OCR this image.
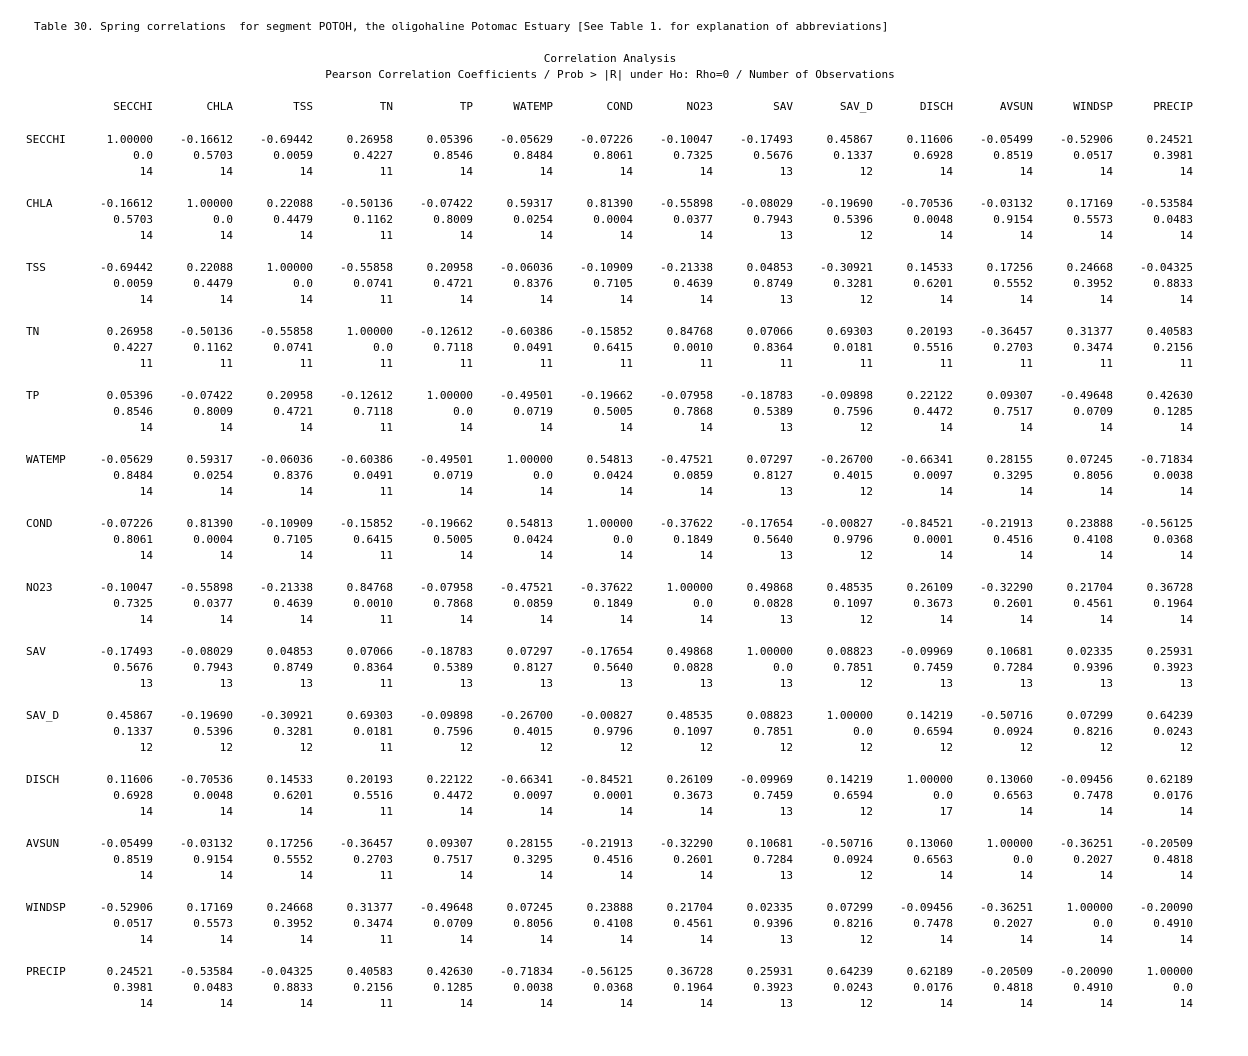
Table 30. Spring correlations  for segment POTOH, the oligohaline Potomac Estuary [See Table 1. for explanation of abbreviations]
Correlation Analysis
Pearson Correlation Coefficients / Prob > |R| under Ho: Rho=0 / Number of Observations
SECCHI	CHLA	TSS	TN	TP	WATEMP	COND	NO23	SAV	SAV_D	DISCH	AVSUN	WINDSP	PRECIP
SECCHI	1.00000	-0.16612	-0.69442	0.26958	0.05396	-0.05629	-0.07226	-0.10047	-0.17493	0.45867	0.11606	-0.05499	-0.52906	0.24521
0.0	0.5703	0.0059	0.4227	0.8546	0.8484	0.8061	0.7325	0.5676	0.1337	0.6928	0.8519	0.0517	0.3981
14	14	14	11	14	14	14	14	13	12	14	14	14	14
CHLA	-0.16612	1.00000	0.22088	-0.50136	-0.07422	0.59317	0.81390	-0.55898	-0.08029	-0.19690	-0.70536	-0.03132	0.17169	-0.53584
0.5703	0.0	0.4479	0.1162	0.8009	0.0254	0.0004	0.0377	0.7943	0.5396	0.0048	0.9154	0.5573	0.0483
14	14	14	11	14	14	14	14	13	12	14	14	14	14
TSS	-0.69442	0.22088	1.00000	-0.55858	0.20958	-0.06036	-0.10909	-0.21338	0.04853	-0.30921	0.14533	0.17256	0.24668	-0.04325
0.0059	0.4479	0.0	0.0741	0.4721	0.8376	0.7105	0.4639	0.8749	0.3281	0.6201	0.5552	0.3952	0.8833
14	14	14	11	14	14	14	14	13	12	14	14	14	14
TN	0.26958	-0.50136	-0.55858	1.00000	-0.12612	-0.60386	-0.15852	0.84768	0.07066	0.69303	0.20193	-0.36457	0.31377	0.40583
0.4227	0.1162	0.0741	0.0	0.7118	0.0491	0.6415	0.0010	0.8364	0.0181	0.5516	0.2703	0.3474	0.2156
11	11	11	11	11	11	11	11	11	11	11	11	11	11
TP	0.05396	-0.07422	0.20958	-0.12612	1.00000	-0.49501	-0.19662	-0.07958	-0.18783	-0.09898	0.22122	0.09307	-0.49648	0.42630
0.8546	0.8009	0.4721	0.7118	0.0	0.0719	0.5005	0.7868	0.5389	0.7596	0.4472	0.7517	0.0709	0.1285
14	14	14	11	14	14	14	14	13	12	14	14	14	14
WATEMP	-0.05629	0.59317	-0.06036	-0.60386	-0.49501	1.00000	0.54813	-0.47521	0.07297	-0.26700	-0.66341	0.28155	0.07245	-0.71834
0.8484	0.0254	0.8376	0.0491	0.0719	0.0	0.0424	0.0859	0.8127	0.4015	0.0097	0.3295	0.8056	0.0038
14	14	14	11	14	14	14	14	13	12	14	14	14	14
COND	-0.07226	0.81390	-0.10909	-0.15852	-0.19662	0.54813	1.00000	-0.37622	-0.17654	-0.00827	-0.84521	-0.21913	0.23888	-0.56125
0.8061	0.0004	0.7105	0.6415	0.5005	0.0424	0.0	0.1849	0.5640	0.9796	0.0001	0.4516	0.4108	0.0368
14	14	14	11	14	14	14	14	13	12	14	14	14	14
NO23	-0.10047	-0.55898	-0.21338	0.84768	-0.07958	-0.47521	-0.37622	1.00000	0.49868	0.48535	0.26109	-0.32290	0.21704	0.36728
0.7325	0.0377	0.4639	0.0010	0.7868	0.0859	0.1849	0.0	0.0828	0.1097	0.3673	0.2601	0.4561	0.1964
14	14	14	11	14	14	14	14	13	12	14	14	14	14
SAV	-0.17493	-0.08029	0.04853	0.07066	-0.18783	0.07297	-0.17654	0.49868	1.00000	0.08823	-0.09969	0.10681	0.02335	0.25931
0.5676	0.7943	0.8749	0.8364	0.5389	0.8127	0.5640	0.0828	0.0	0.7851	0.7459	0.7284	0.9396	0.3923
13	13	13	11	13	13	13	13	13	12	13	13	13	13
SAV_D	0.45867	-0.19690	-0.30921	0.69303	-0.09898	-0.26700	-0.00827	0.48535	0.08823	1.00000	0.14219	-0.50716	0.07299	0.64239
0.1337	0.5396	0.3281	0.0181	0.7596	0.4015	0.9796	0.1097	0.7851	0.0	0.6594	0.0924	0.8216	0.0243
12	12	12	11	12	12	12	12	12	12	12	12	12	12
DISCH	0.11606	-0.70536	0.14533	0.20193	0.22122	-0.66341	-0.84521	0.26109	-0.09969	0.14219	1.00000	0.13060	-0.09456	0.62189
0.6928	0.0048	0.6201	0.5516	0.4472	0.0097	0.0001	0.3673	0.7459	0.6594	0.0	0.6563	0.7478	0.0176
14	14	14	11	14	14	14	14	13	12	17	14	14	14
AVSUN	-0.05499	-0.03132	0.17256	-0.36457	0.09307	0.28155	-0.21913	-0.32290	0.10681	-0.50716	0.13060	1.00000	-0.36251	-0.20509
0.8519	0.9154	0.5552	0.2703	0.7517	0.3295	0.4516	0.2601	0.7284	0.0924	0.6563	0.0	0.2027	0.4818
14	14	14	11	14	14	14	14	13	12	14	14	14	14
WINDSP	-0.52906	0.17169	0.24668	0.31377	-0.49648	0.07245	0.23888	0.21704	0.02335	0.07299	-0.09456	-0.36251	1.00000	-0.20090
0.0517	0.5573	0.3952	0.3474	0.0709	0.8056	0.4108	0.4561	0.9396	0.8216	0.7478	0.2027	0.0	0.4910
14	14	14	11	14	14	14	14	13	12	14	14	14	14
PRECIP	0.24521	-0.53584	-0.04325	0.40583	0.42630	-0.71834	-0.56125	0.36728	0.25931	0.64239	0.62189	-0.20509	-0.20090	1.00000
0.3981	0.0483	0.8833	0.2156	0.1285	0.0038	0.0368	0.1964	0.3923	0.0243	0.0176	0.4818	0.4910	0.0
14	14	14	11	14	14	14	14	13	12	14	14	14	14
